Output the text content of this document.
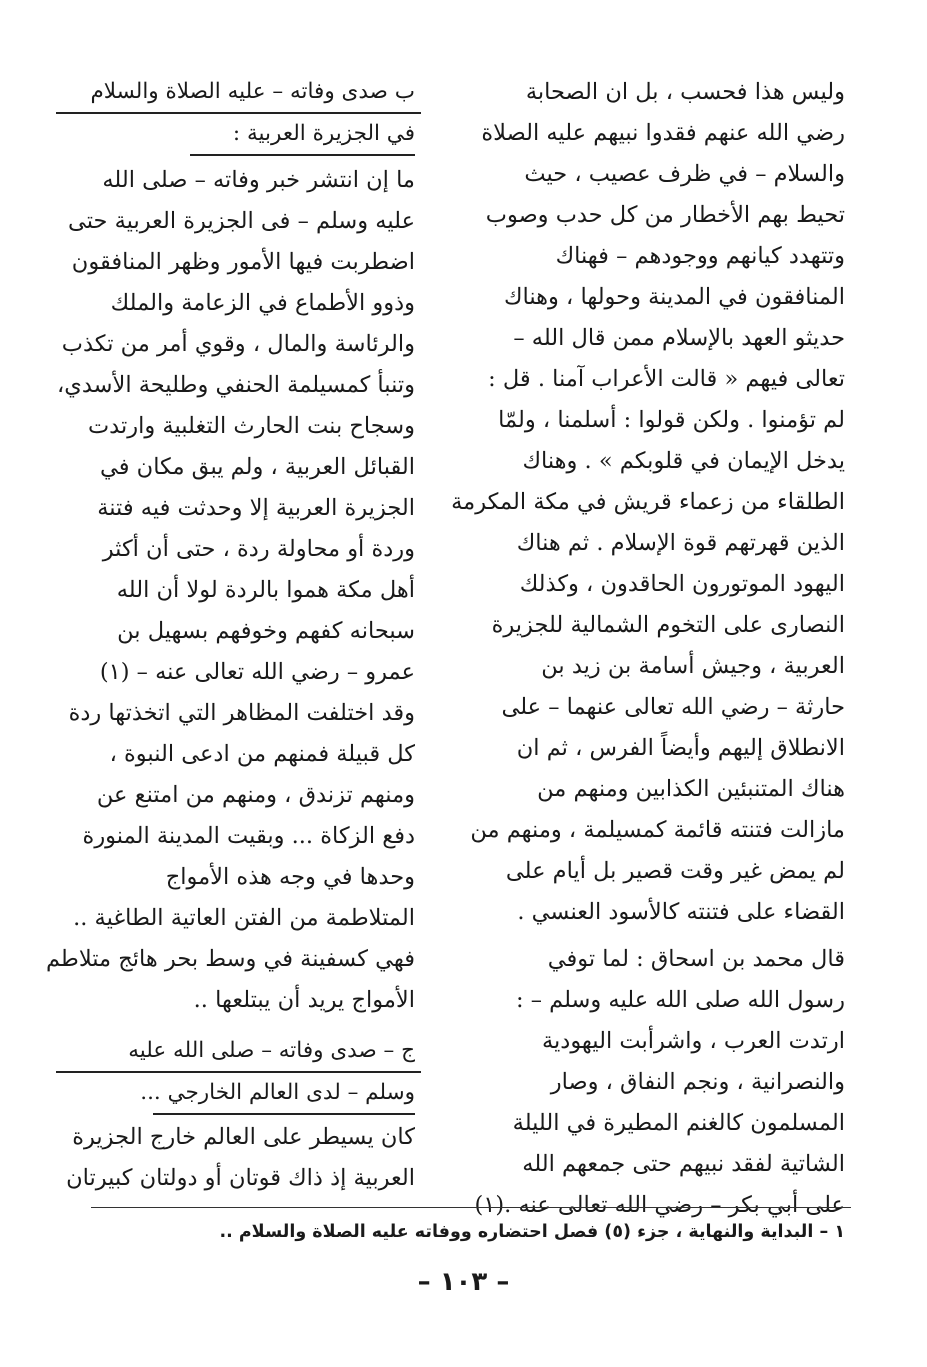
وليس هذا فحسب ، بل ان الصحابة
رضي الله عنهم فقدوا نبيهم عليه الصلاة
والسلام – في ظرف عصيب ، حيث
تحيط بهم الأخطار من كل حدب وصوب
وتتهدد كيانهم ووجودهم – فهناك
المنافقون في المدينة وحولها ، وهناك
حديثو العهد بالإسلام ممن قال الله –
تعالى فيهم « قالت الأعراب آمنا . قل :
لم تؤمنوا . ولكن قولوا : أسلمنا ، ولمّا
يدخل الإيمان في قلوبكم » . وهناك
الطلقاء من زعماء قريش في مكة المكرمة
الذين قهرتهم قوة الإسلام . ثم هناك
اليهود الموتورون الحاقدون ، وكذلك
النصارى على التخوم الشمالية للجزيرة
العربية ، وجيش أسامة بن زيد بن
حارثة – رضي الله تعالى عنهما – على
الانطلاق إليهم وأيضاً الفرس ، ثم ان
هناك المتنبئين الكذابين ومنهم من
مازالت فتنته قائمة كمسيلمة ، ومنهم من
لم يمض غير وقت قصير بل أيام على
القضاء على فتنته كالأسود العنسي .
قال محمد بن اسحاق : لما توفي
رسول الله صلى الله عليه وسلم – :
ارتدت العرب ، واشرأبت اليهودية
والنصرانية ، ونجم النفاق ، وصار
المسلمون كالغنم المطيرة في الليلة
الشاتية لفقد نبيهم حتى جمعهم الله
على أبي بكر – رضي الله تعالى عنه .(١)
ب صدى وفاته – عليه الصلاة والسلام
في الجزيرة العربية :
ما إن انتشر خبر وفاته – صلى الله
عليه وسلم – فى الجزيرة العربية حتى
اضطربت فيها الأمور وظهر المنافقون
وذوو الأطماع في الزعامة والملك
والرئاسة والمال ، وقوي أمر من تكذب
وتنبأ كمسيلمة الحنفي وطليحة الأسدي،
وسجاح بنت الحارث التغلبية وارتدت
القبائل العربية ، ولم يبق مكان في
الجزيرة العربية إلا وحدثت فيه فتنة
وردة أو محاولة ردة ، حتى أن أكثر
أهل مكة هموا بالردة لولا أن الله
سبحانه كفهم وخوفهم بسهيل بن
عمرو – رضي الله تعالى عنه – (١)
وقد اختلفت المظاهر التي اتخذتها ردة
كل قبيلة فمنهم من ادعى النبوة ،
ومنهم تزندق ، ومنهم من امتنع عن
دفع الزكاة ... وبقيت المدينة المنورة
وحدها في وجه هذه الأمواج
المتلاطمة من الفتن العاتية الطاغية ..
فهي كسفينة في وسط بحر هائج متلاطم
الأمواج يريد أن يبتلعها ..
ج – صدى وفاته – صلى الله عليه
وسلم – لدى العالم الخارجي ...
كان يسيطر على العالم خارج الجزيرة
العربية إذ ذاك قوتان أو دولتان كبيرتان
١ – البداية والنهاية ، جزء (٥) فصل احتضاره ووفاته عليه الصلاة والسلام ..
– ١٠٣ –
